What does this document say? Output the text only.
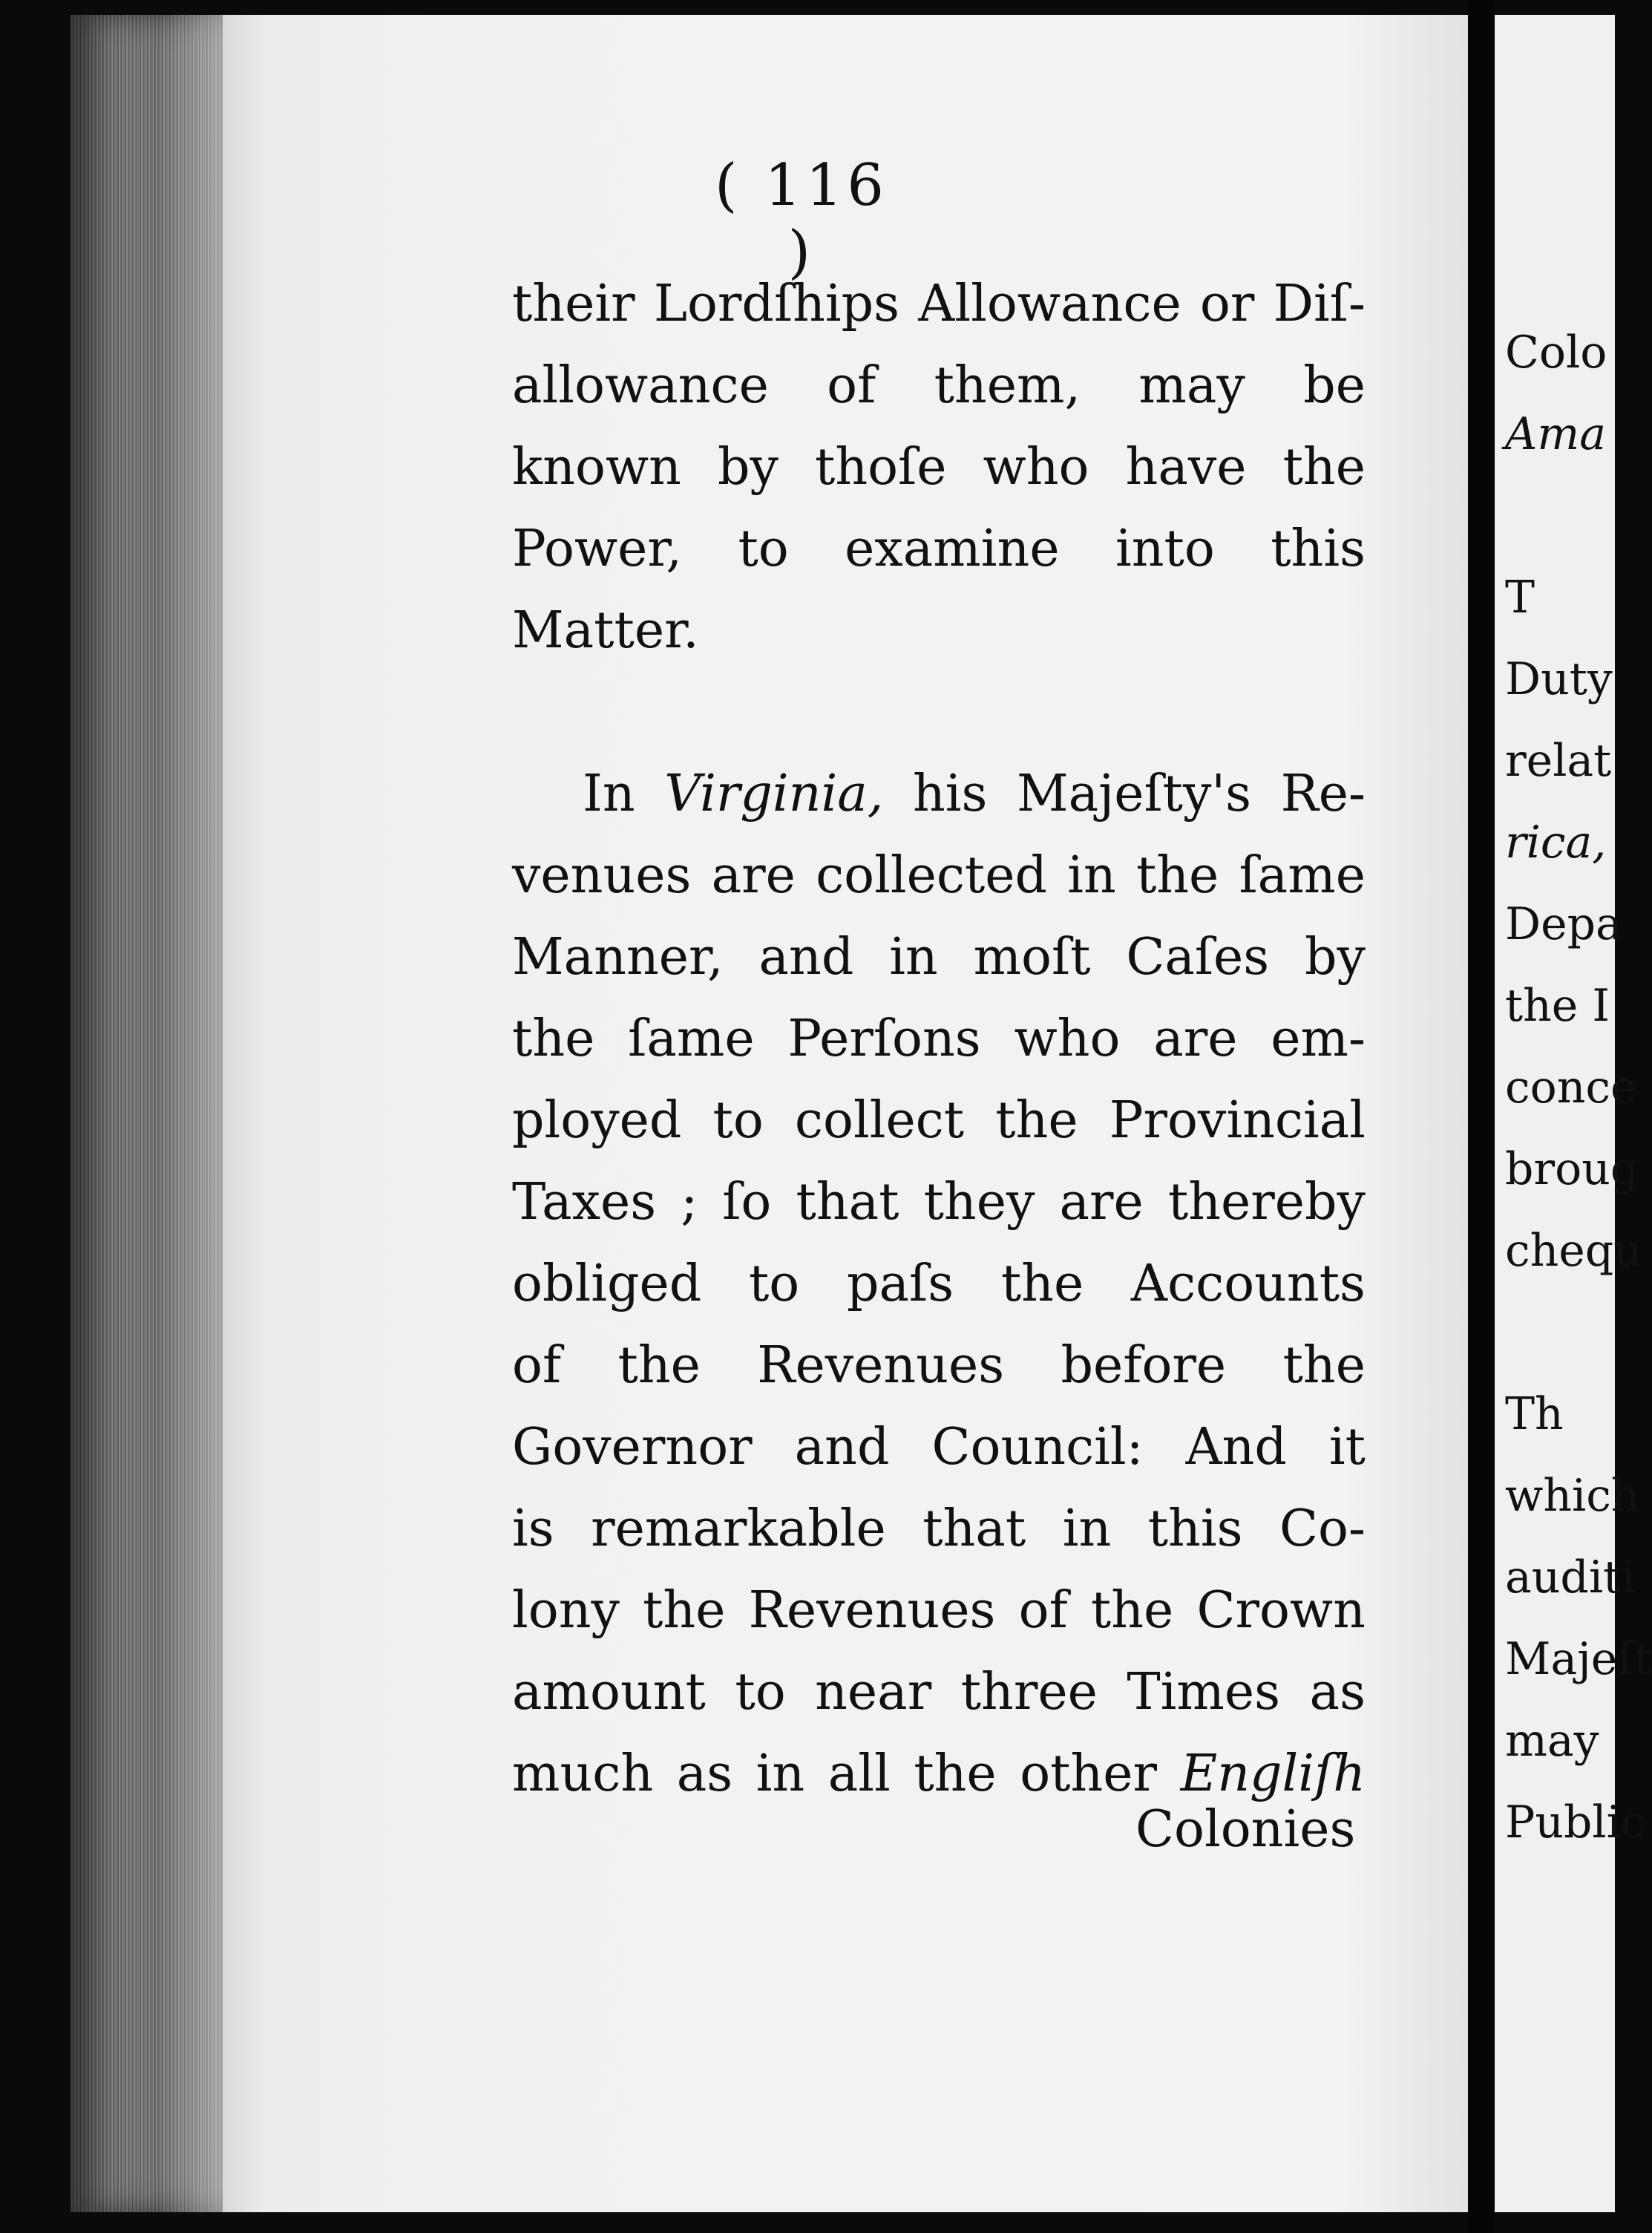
( 116 )
their Lordſhips Allowance or Diſ-
allowance of them, may be
known by thoſe who have the
Power, to examine into this
Matter.
In Virginia, his Majeſty's Re-
venues are collected in the ſame
Manner, and in moſt Caſes by
the ſame Perſons who are em-
ployed to collect the Provincial
Taxes ; ſo that they are thereby
obliged to paſs the Accounts
of the Revenues before the
Governor and Council: And it
is remarkable that in this Co-
lony the Revenues of the Crown
amount to near three Times as
much as in all the other Engliſh
Colonies
Colo
Ama
T
Duty
relat
rica,
Depa
the I
conce
broug
chequ
Th
which
auditi
Majeſt
may
Public
